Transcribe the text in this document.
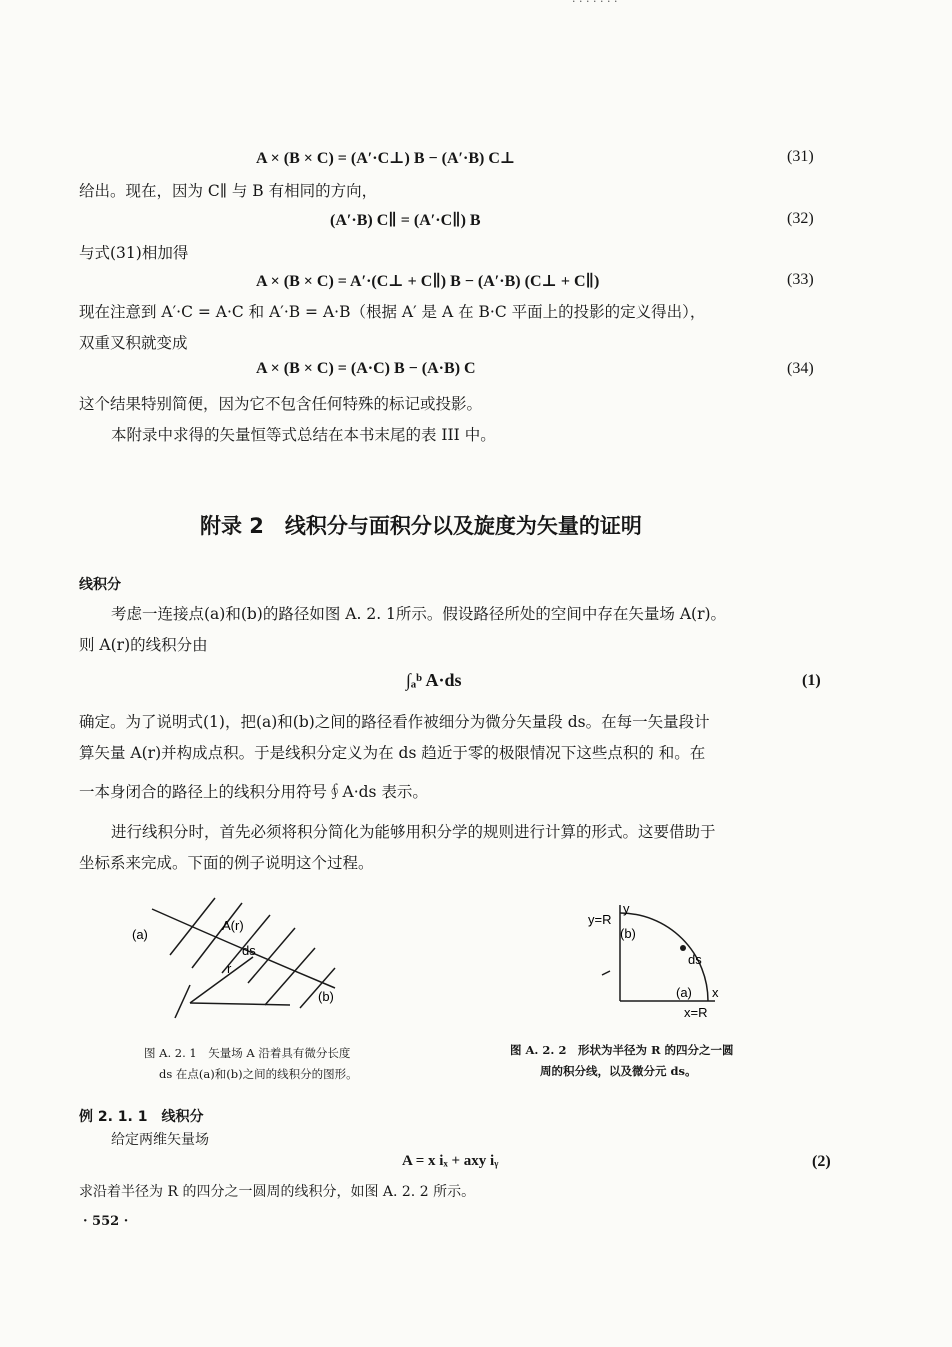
· · · · · · ·
A × (B × C) = (A′·C⊥) B − (A′·B) C⊥	(31)
给出。现在，因为 C∥ 与 B 有相同的方向，
(A′·B) C∥ = (A′·C∥) B	(32)
与式(31)相加得
A × (B × C) = A′·(C⊥ + C∥) B − (A′·B) (C⊥ + C∥)	(33)
现在注意到 A′·C = A·C 和 A′·B = A·B（根据 A′ 是 A 在 B·C 平面上的投影的定义得出），
双重叉积就变成
A × (B × C) = (A·C) B − (A·B) C	(34)
这个结果特别简便，因为它不包含任何特殊的标记或投影。
本附录中求得的矢量恒等式总结在本书末尾的表 III 中。
附录 2　线积分与面积分以及旋度为矢量的证明
线积分
考虑一连接点(a)和(b)的路径如图 A. 2. 1所示。假设路径所处的空间中存在矢量场 A(r)。
则 A(r)的线积分由
∫ₐᵇ A·ds	(1)
确定。为了说明式(1)，把(a)和(b)之间的路径看作被细分为微分矢量段 ds。在每一矢量段计
算矢量 A(r)并构成点积。于是线积分定义为在 ds 趋近于零的极限情况下这些点积的 和。在
一本身闭合的路径上的线积分用符号∮A·ds 表示。
进行线积分时，首先必须将积分简化为能够用积分学的规则进行计算的形式。这要借助于
坐标系来完成。下面的例子说明这个过程。
(a)
A(r)
ds
r
(b)
图 A. 2. 1　矢量场 A 沿着具有微分长度
ds 在点(a)和(b)之间的线积分的图形。
y=R
y
(b)
ds
(a) x
x=R
图 A. 2. 2　形状为半径为 R 的四分之一圆
周的积分线，以及微分元 ds。
例 2. 1. 1　线积分
给定两维矢量场
A = x iₓ + axy iᵧ	(2)
求沿着半径为 R 的四分之一圆周的线积分，如图 A. 2. 2 所示。
· 552 ·
